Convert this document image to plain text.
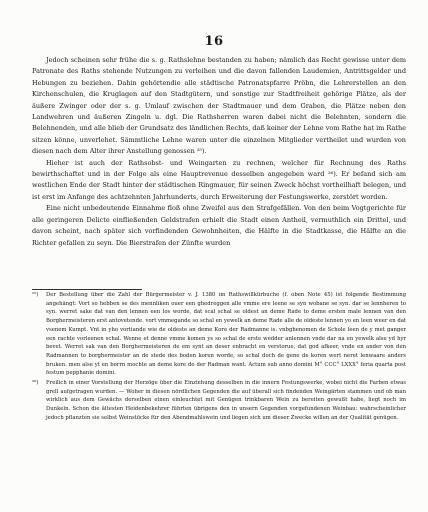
16

Jedoch scheinen sehr frühe die s. g. Rathslehne bestanden zu haben; nämlich das Recht gewisse unter dem Patronate des Raths stehende Nutzungen zu verleihen und die davon fallenden Laudemien, Antrittsgelder und Hebungen zu beziehen. Dahin gehörtendie alle städtische Patronatspfarre Pröbn, die Lehrerstellen an den Kirchenschulen, die Kruglagen auf den Stadtgütern, und sonstige zur Stadtfreiheit gehörige Plätze, als der äußere Zwinger oder der s. g. Umlauf zwischen der Stadtmauer und dem Graben, die Plätze neben den Landwehren und äußeren Zingeln u. dgl. Die Rathsherren waren dabei nicht die Belehnten, sondern die Belehnenden, und alle blieb der Grundsatz des ländlichen Rechts, daß keiner der Lehne vom Rathe hat im Rathe sitzen könne, unverlehet. Sämmtliche Lehne waren unter die einzelnen Mitglieder vertheilet und wurden von diesen nach dem Alter ihrer Anstellung genossen ²⁵).

Hieher ist auch der Rathsobst- und Weingarten zu rechnen, welcher für Rechnung des Raths bewirthschaftet und in der Folge als eine Hauptrevenue desselben angegeben ward ²⁶). Er befand sich am westlichen Ende der Stadt hinter der städtischen Ringmauer, für seinen Zweck höchst vortheilhaft belegen, und ist erst im Anfange des achtzehnten Jahrhunderts, durch Erweiterung der Festungswerke, zerstört worden.

Eine nicht unbedeutende Einnahme floß ohne Zweifel aus den Strafgefällen. Von den beim Vogtgerichte für alle geringeren Delicte einfließenden Geldstrafen erhielt die Stadt einen Antheil, vermuthlich ein Drittel, und davon scheint, nach später sich vorfindenden Gewohnheiten, die Hälfte in die Stadtkasse, die Hälfte an die Richter gefallen zu seyn. Die Bierstrafen der Zünfte wurden

²⁵) Der Bestellung über die Zahl der Bürgermeister v. J. 1380 im Rathswillkürbuche (f. oben Note 45) ist folgende Bestimmung angehängt: Vort so hebben se des mennliken ouer een ghedreggen alle vmme ere leene se syn wobane se syn. dar se lennheren to syn. werret sake dat van den lennen een los worde, dat scal schal se oldest an deme Rade to deme ersten male lennen van den Borghermeisteren erst antovetende. vort vmmegande so schal en yewelk an deme Rade alle de oldeste lennen yo en leen weer en dat vsenem Kumpt. Vnt in yho vortiande wie de oldeste an deme Kore der Radmanne is. vnbghenomen de Schole leen de y met ganger een rachte vorleenen schal. Wenne et denne vmme komen ys so schal de erste wedder anlennen vnde dar na en yewelk alse yd hyr bevet. Werret sak van den Borghermeisteren de em synt an deser enbracht en verstorue, dat god afkeer, vnde en ander von den Radmannen to borghermeister an de stede des boden koren worde, so schal doch de gene de koren wert neret lenwaare anders bruken. men alse yt en borrn mochte an deme kore do der Radman want. Actum sub anno domini M° CCC° LXXX° feria quarta post festum pepphanie domini.

²⁶) Freilich in einer Vorstellung der Herzöge über die Einziehung desselben in die innern Festungswerke, wobei nicht die Farben etwas grell aufgetragen wurden. — Woher in diesen nördlichen Gegenden die auf überall sich findenden Weingärten stammen und ob man wirklich aus dem Gewächs derselben einen einleuchtet mit Genügen trinkbaren Wein zu bereiten gewußt habe, liegt noch im Dunkeln. Schon die ältesten Heidenbekehrer führten übrigens den in unsern Gegenden vorgefundenen Weinbau: wahrscheinlicher jedoch pflanzten sie selbst Weinstöcke für den Abendmahlswein und liegen sich um dieser Zwecke willen an der Qualität genügen.
